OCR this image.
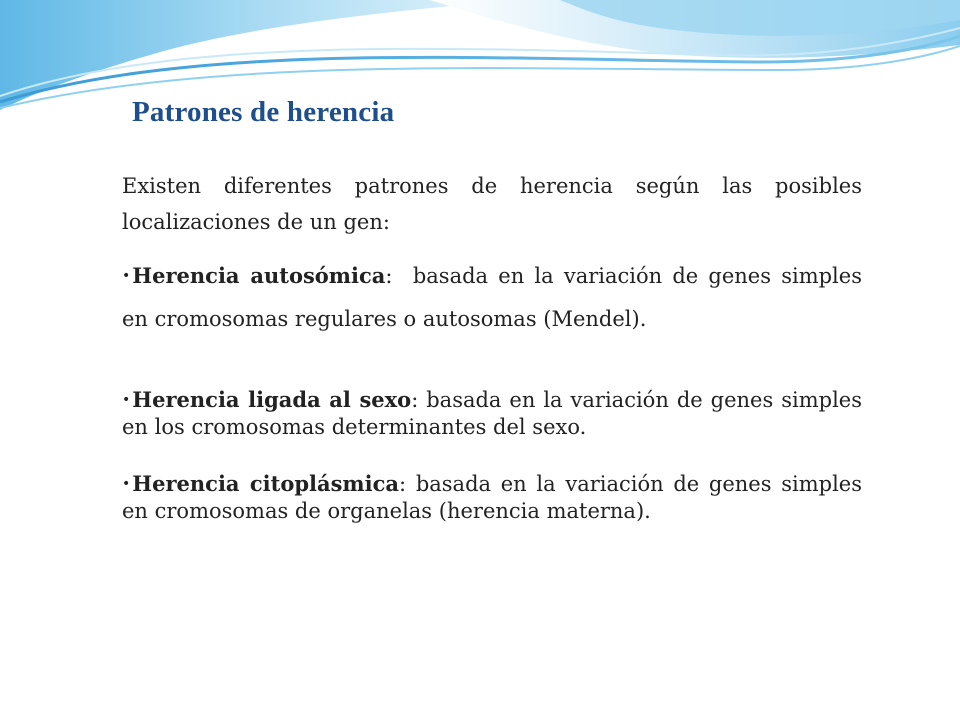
Patrones de herencia

Existen diferentes patrones de herencia según las posibles localizaciones de un gen:

•Herencia autosómica:  basada en la variación de genes simples en cromosomas regulares o autosomas (Mendel).

•Herencia ligada al sexo: basada en la variación de genes simples en los cromosomas determinantes del sexo.

•Herencia citoplásmica: basada en la variación de genes simples en cromosomas de organelas (herencia materna).
